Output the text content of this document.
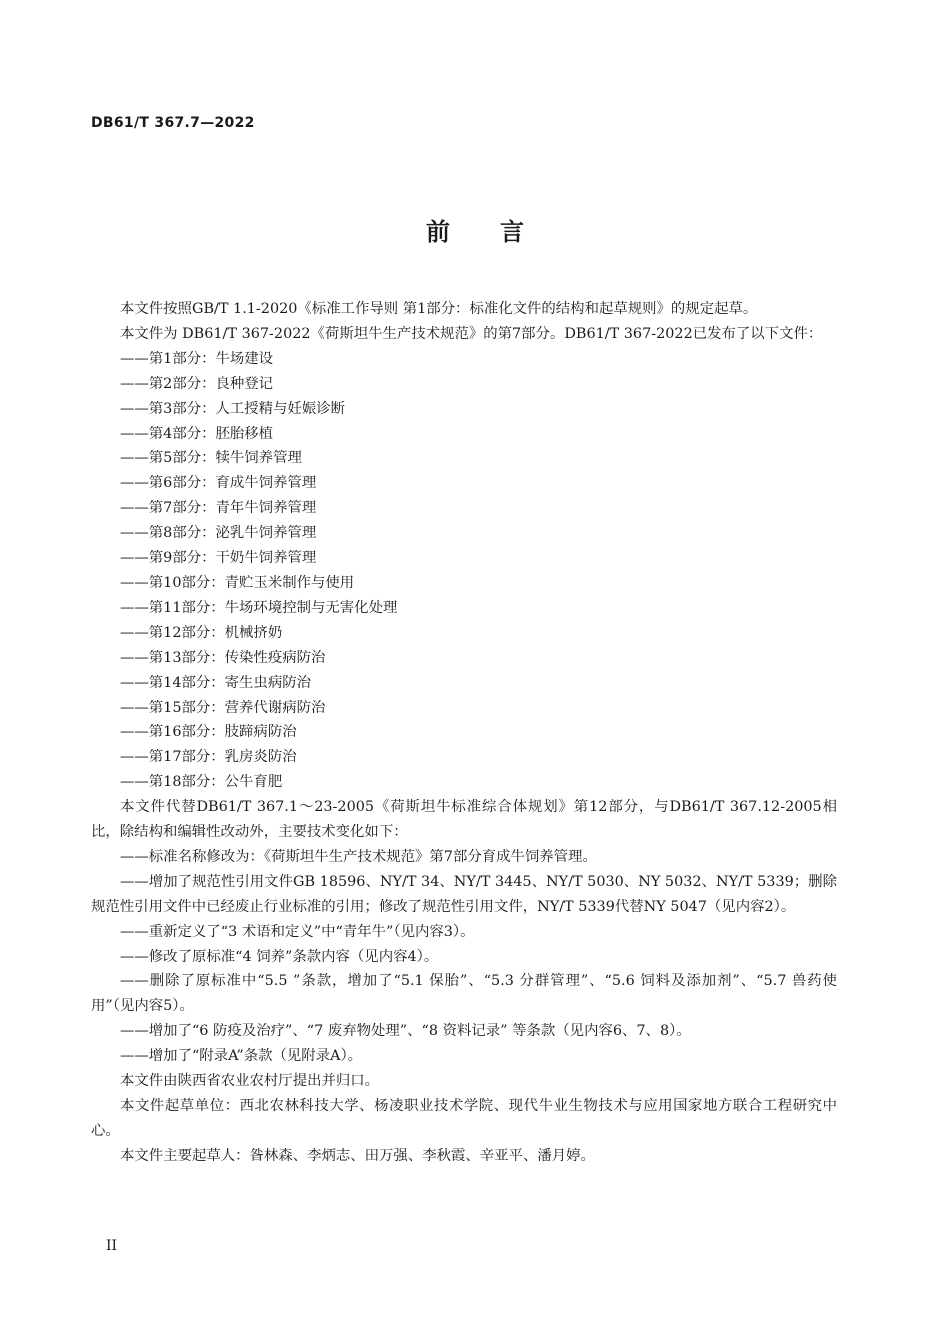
DB61/T 367.7—2022
前言

本文件按照GB/T 1.1-2020《标准工作导则 第1部分：标准化文件的结构和起草规则》的规定起草。

本文件为 DB61/T 367-2022《荷斯坦牛生产技术规范》的第7部分。DB61/T 367-2022已发布了以下文件：

——第1部分：牛场建设

——第2部分：良种登记

——第3部分：人工授精与妊娠诊断

——第4部分：胚胎移植

——第5部分：犊牛饲养管理

——第6部分：育成牛饲养管理

——第7部分：青年牛饲养管理

——第8部分：泌乳牛饲养管理

——第9部分：干奶牛饲养管理

——第10部分：青贮玉米制作与使用

——第11部分：牛场环境控制与无害化处理

——第12部分：机械挤奶

——第13部分：传染性疫病防治

——第14部分：寄生虫病防治

——第15部分：营养代谢病防治

——第16部分：肢蹄病防治

——第17部分：乳房炎防治

——第18部分：公牛育肥

本文件代替DB61/T 367.1～23-2005《荷斯坦牛标准综合体规划》第12部分，与DB61/T 367.12-2005相比，除结构和编辑性改动外，主要技术变化如下：

——标准名称修改为：《荷斯坦牛生产技术规范》第7部分育成牛饲养管理。

——增加了规范性引用文件GB 18596、NY/T 34、NY/T 3445、NY/T 5030、NY 5032、NY/T 5339；删除规范性引用文件中已经废止行业标准的引用；修改了规范性引用文件，NY/T 5339代替NY 5047（见内容2）。

——重新定义了“3 术语和定义”中“青年牛”（见内容3）。

——修改了原标准“4 饲养”条款内容（见内容4）。

——删除了原标准中“5.5 ”条款，增加了“5.1 保胎”、“5.3 分群管理”、“5.6 饲料及添加剂”、“5.7 兽药使用”（见内容5）。

——增加了“6 防疫及治疗”、“7 废弃物处理”、“8 资料记录” 等条款（见内容6、7、8）。

——增加了“附录A”条款（见附录A）。

本文件由陕西省农业农村厅提出并归口。

本文件起草单位：西北农林科技大学、杨凌职业技术学院、现代牛业生物技术与应用国家地方联合工程研究中心。

本文件主要起草人：昝林森、李炳志、田万强、李秋霞、辛亚平、潘月婷。

II
